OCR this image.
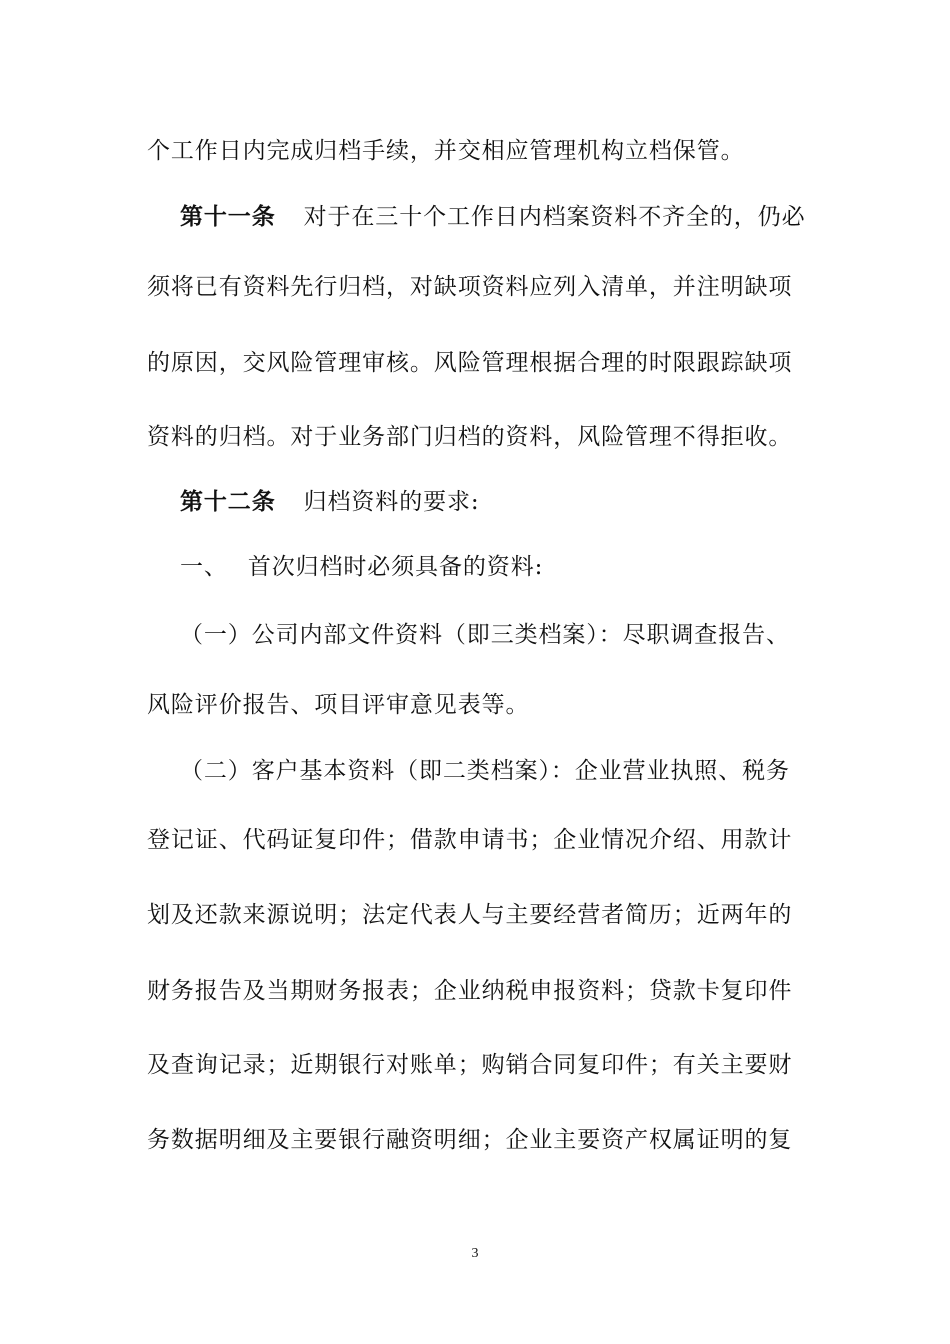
个工作日内完成归档手续，并交相应管理机构立档保管。
第十一条 对于在三十个工作日内档案资料不齐全的，仍必
须将已有资料先行归档，对缺项资料应列入清单，并注明缺项
的原因，交风险管理审核。风险管理根据合理的时限跟踪缺项
资料的归档。对于业务部门归档的资料，风险管理不得拒收。
第十二条 归档资料的要求:
一、 首次归档时必须具备的资料:
（一）公司内部文件资料（即三类档案）：尽职调查报告、
风险评价报告、项目评审意见表等。
（二）客户基本资料（即二类档案）：企业营业执照、税务
登记证、代码证复印件；借款申请书；企业情况介绍、用款计
划及还款来源说明；法定代表人与主要经营者简历；近两年的
财务报告及当期财务报表；企业纳税申报资料；贷款卡复印件
及查询记录；近期银行对账单；购销合同复印件；有关主要财
务数据明细及主要银行融资明细；企业主要资产权属证明的复
3
